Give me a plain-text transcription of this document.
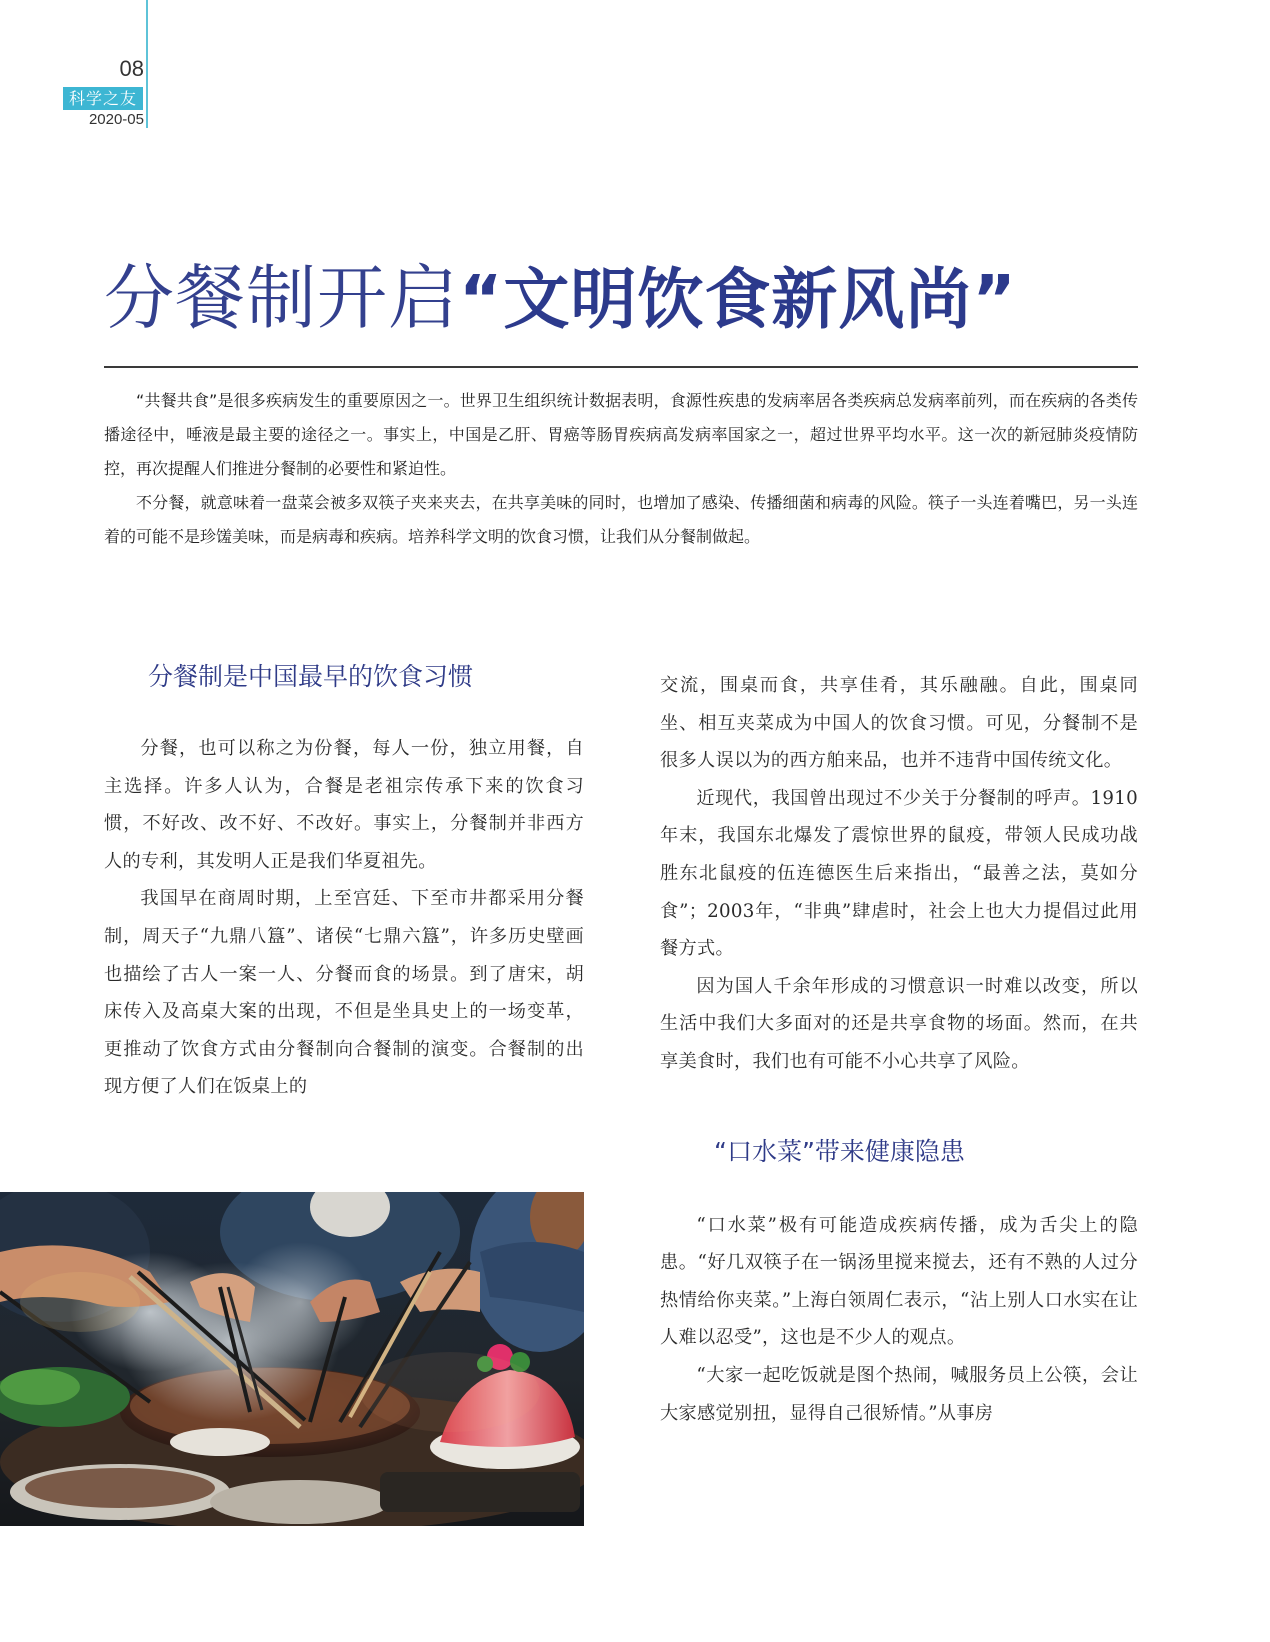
08
科学之友
2020-05
分餐制开启“文明饮食新风尚”

“共餐共食”是很多疾病发生的重要原因之一。世界卫生组织统计数据表明，食源性疾患的发病率居各类疾病总发病率前列，而在疾病的各类传播途径中，唾液是最主要的途径之一。事实上，中国是乙肝、胃癌等肠胃疾病高发病率国家之一，超过世界平均水平。这一次的新冠肺炎疫情防控，再次提醒人们推进分餐制的必要性和紧迫性。

不分餐，就意味着一盘菜会被多双筷子夹来夹去，在共享美味的同时，也增加了感染、传播细菌和病毒的风险。筷子一头连着嘴巴，另一头连着的可能不是珍馐美味，而是病毒和疾病。培养科学文明的饮食习惯，让我们从分餐制做起。

分餐制是中国最早的饮食习惯

分餐，也可以称之为份餐，每人一份，独立用餐，自主选择。许多人认为，合餐是老祖宗传承下来的饮食习惯，不好改、改不好、不改好。事实上，分餐制并非西方人的专利，其发明人正是我们华夏祖先。

我国早在商周时期，上至宫廷、下至市井都采用分餐制，周天子“九鼎八簋”、诸侯“七鼎六簋”，许多历史壁画也描绘了古人一案一人、分餐而食的场景。到了唐宋，胡床传入及高桌大案的出现，不但是坐具史上的一场变革，更推动了饮食方式由分餐制向合餐制的演变。合餐制的出现方便了人们在饭桌上的

交流，围桌而食，共享佳肴，其乐融融。自此，围桌同坐、相互夹菜成为中国人的饮食习惯。可见，分餐制不是很多人误以为的西方舶来品，也并不违背中国传统文化。

近现代，我国曾出现过不少关于分餐制的呼声。1910年末，我国东北爆发了震惊世界的鼠疫，带领人民成功战胜东北鼠疫的伍连德医生后来指出，“最善之法，莫如分食”；2003年，“非典”肆虐时，社会上也大力提倡过此用餐方式。

因为国人千余年形成的习惯意识一时难以改变，所以生活中我们大多面对的还是共享食物的场面。然而，在共享美食时，我们也有可能不小心共享了风险。

“口水菜”带来健康隐患

“口水菜”极有可能造成疾病传播，成为舌尖上的隐患。“好几双筷子在一锅汤里搅来搅去，还有不熟的人过分热情给你夹菜。”上海白领周仁表示，“沾上别人口水实在让人难以忍受”，这也是不少人的观点。

“大家一起吃饭就是图个热闹，喊服务员上公筷，会让大家感觉别扭，显得自己很矫情。”从事房
